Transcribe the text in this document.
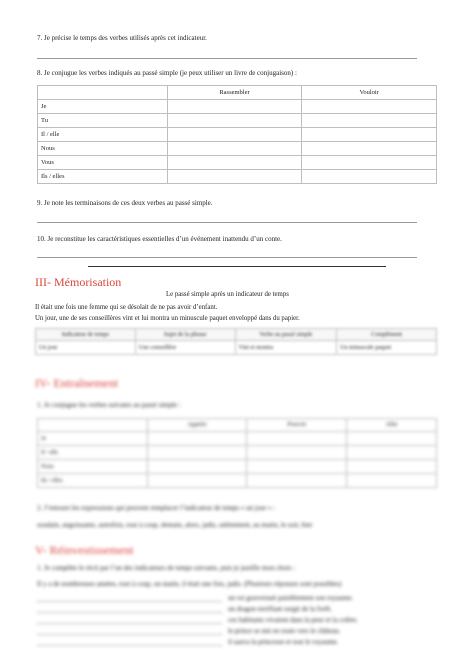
7. Je précise le temps des verbes utilisés après cet indicateur.
8. Je conjugue les verbes indiqués au passé simple (je peux utiliser un livre de conjugaison) :
	Rassembler	Vouloir
Je		
Tu		
Il / elle		
Nous		
Vous		
Ils / elles		
9. Je note les terminaisons de ces deux verbes au passé simple.
10. Je reconstitue les caractéristiques essentielles d’un événement inattendu d’un conte.
III- Mémorisation
Le passé simple après un indicateur de temps
Il était une fois une femme qui se désolait de ne pas avoir d’enfant.
Un jour, une de ses conseillères vint et lui montra un minuscule paquet enveloppé dans du papier.
Indicateur de temps	Sujet de la phrase	Verbe au passé simple	Complément
Un jour	Une conseillère	Vint et montra	Un minuscule paquet
IV- Entraînement
1. Je conjugue les verbes suivants au passé simple :
	Appeler	Pouvoir	Aller
Je			
Il / elle			
Nous			
Ils / elles			
2. J’entoure les expressions qui peuvent remplacer l’indicateur de temps « un jour » :
soudain, angoissante, autrefois, tout à coup, demain, alors, jadis, subitement, au matin, le soir, hier
V- Réinvestissement
1. Je complète le récit par l’un des indicateurs de temps suivants, puis je justifie mon choix :
Il y a de nombreuses années, tout à coup, un matin, il était une fois, jadis. (Plusieurs réponses sont possibles)
un roi gouvernait paisiblement son royaume.
un dragon terrifiant surgit de la forêt.
ces habitants vivaient dans la peur et la colère.
le prince se mit en route vers le château.
il sauva la princesse et tout le royaume.
